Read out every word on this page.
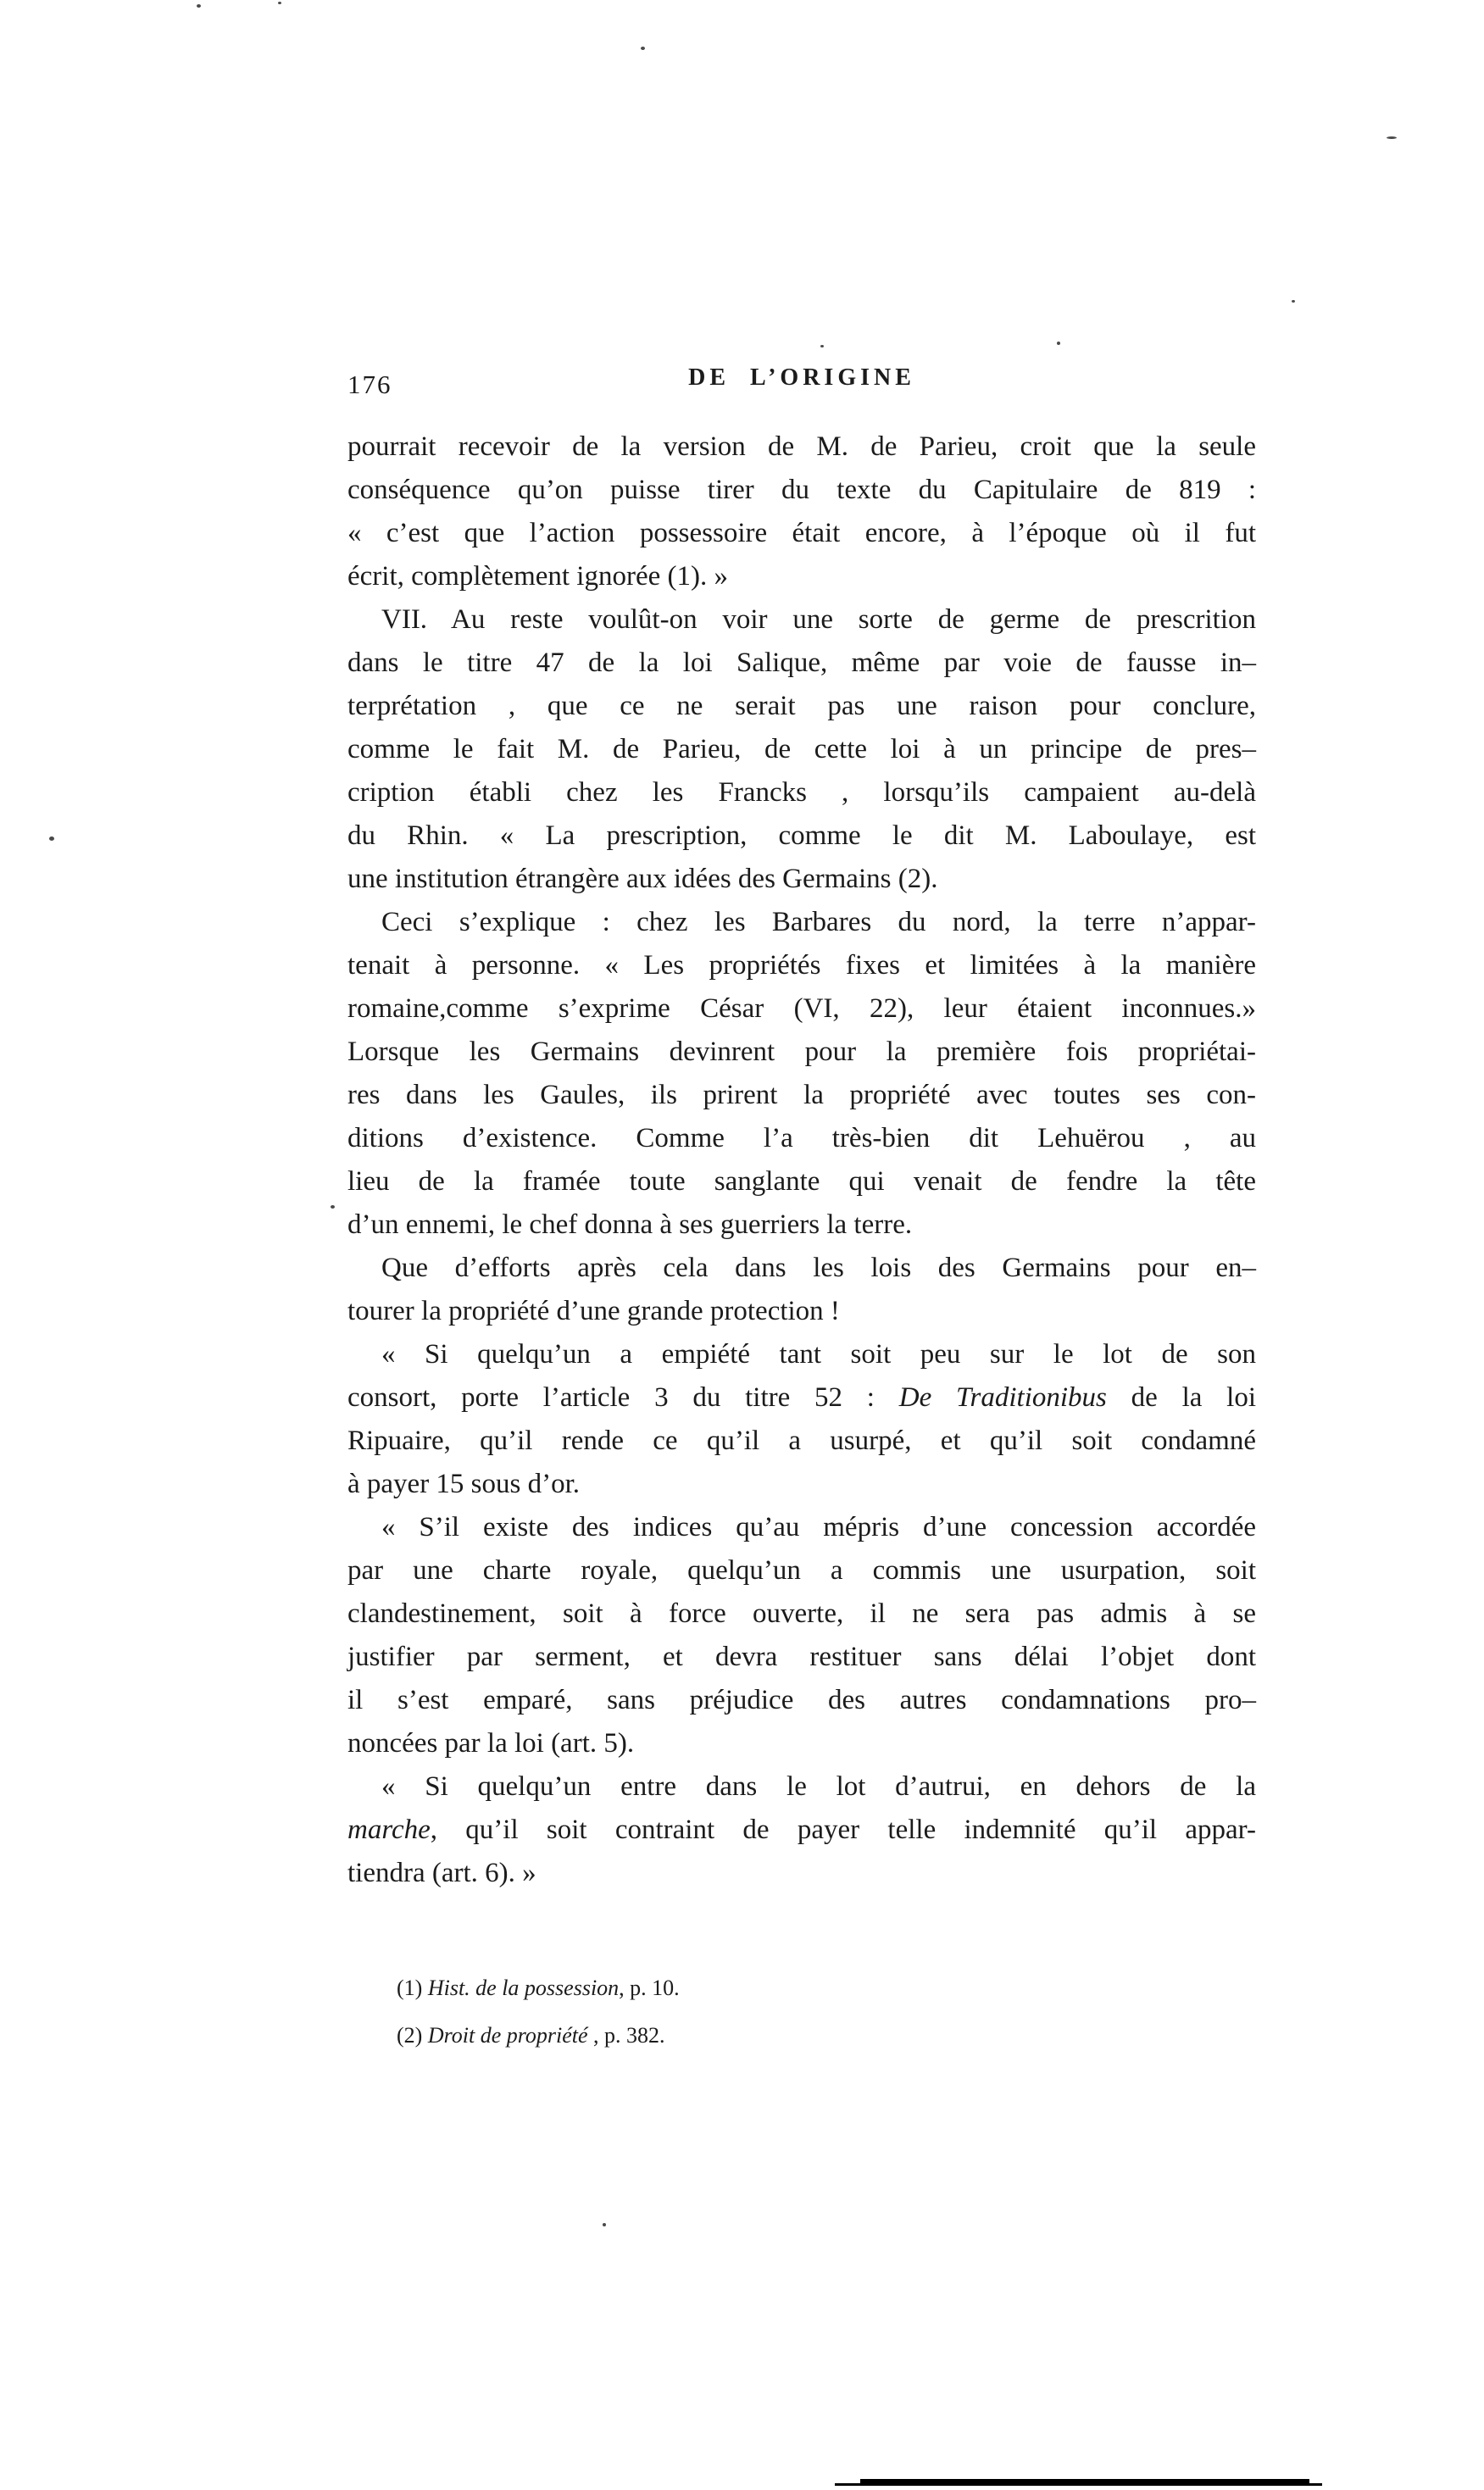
176	DE L’ORIGINE
pourrait recevoir de la version de M. de Parieu, croit que la seule
conséquence qu’on puisse tirer du texte du Capitulaire de 819 :
« c’est que l’action possessoire était encore, à l’époque où il fut
écrit, complètement ignorée (1). »
VII. Au reste voulût-on voir une sorte de germe de prescrition
dans le titre 47 de la loi Salique, même par voie de fausse in–
terprétation , que ce ne serait pas une raison pour conclure,
comme le fait M. de Parieu, de cette loi à un principe de pres–
cription établi chez les Francks , lorsqu’ils campaient au-delà
du Rhin. « La prescription, comme le dit M. Laboulaye, est
une institution étrangère aux idées des Germains (2).
Ceci s’explique : chez les Barbares du nord, la terre n’appar-
tenait à personne. « Les propriétés fixes et limitées à la manière
romaine,comme s’exprime César (VI, 22), leur étaient inconnues.»
Lorsque les Germains devinrent pour la première fois propriétai-
res dans les Gaules, ils prirent la propriété avec toutes ses con-
ditions d’existence. Comme l’a très-bien dit Lehuërou , au
lieu de la framée toute sanglante qui venait de fendre la tête
d’un ennemi, le chef donna à ses guerriers la terre.
Que d’efforts après cela dans les lois des Germains pour en–
tourer la propriété d’une grande protection !
« Si quelqu’un a empiété tant soit peu sur le lot de son
consort, porte l’article 3 du titre 52 : De Traditionibus de la loi
Ripuaire, qu’il rende ce qu’il a usurpé, et qu’il soit condamné
à payer 15 sous d’or.
« S’il existe des indices qu’au mépris d’une concession accordée
par une charte royale, quelqu’un a commis une usurpation, soit
clandestinement, soit à force ouverte, il ne sera pas admis à se
justifier par serment, et devra restituer sans délai l’objet dont
il s’est emparé, sans préjudice des autres condamnations pro–
noncées par la loi (art. 5).
« Si quelqu’un entre dans le lot d’autrui, en dehors de la
marche, qu’il soit contraint de payer telle indemnité qu’il appar-
tiendra (art. 6). »
(1) Hist. de la possession, p. 10.
(2) Droit de propriété , p. 382.
